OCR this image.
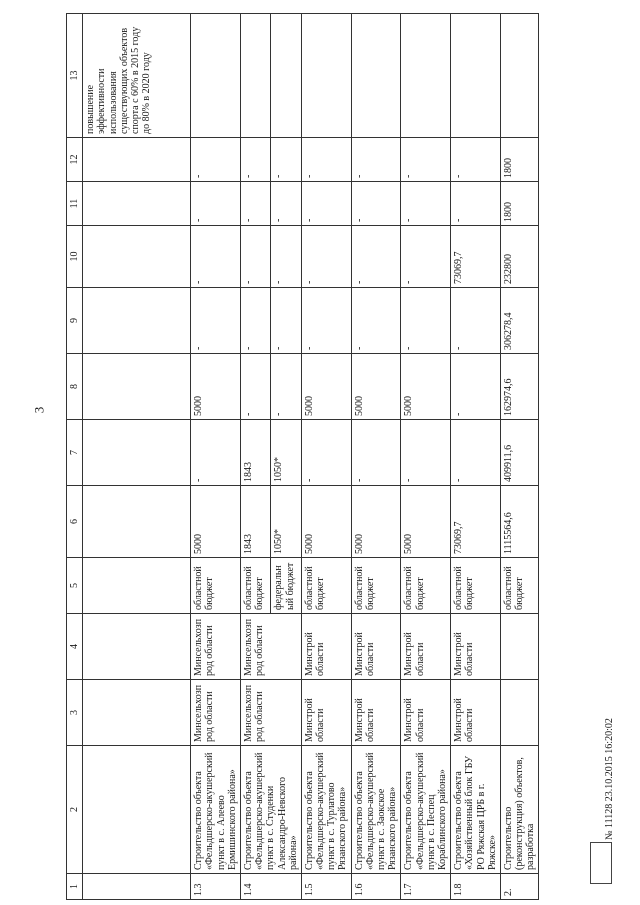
3
№ 11128 23.10.2015 16:20:02
1	2	3	4	5	6	7	8	9	10	11	12	13
												повышение эффективности использования существующих объектов спорта с 60% в 2015 году до 80% в 2020 году
1.3	Строительство объекта «Фельдшерско-акушерский пункт в с. Алеево Ермишинского района»	Минсельхозпрод области	Минсельхозпрод области	областной бюджет	5000	-	5000	-	-	-	-	
1.4	Строительство объекта «Фельдшерско-акушерский пункт в с. Студенки Александро-Невского района»	Минсельхозпрод области	Минсельхозпрод области	областной бюджет	1843	1843	-	-	-	-	-	
				федеральный бюджет	1050*	1050*	-	-	-	-	-	
1.5	Строительство объекта «Фельдшерско-акушерский пункт в с. Турлатово Рязанского района»	Минстрой области	Минстрой области	областной бюджет	5000	-	5000	-	-	-	-	
1.6	Строительство объекта «Фельдшерско-акушерский пункт в с. Заокское Рязанского района»	Минстрой области	Минстрой области	областной бюджет	5000	-	5000	-	-	-	-	
1.7	Строительство объекта «Фельдшерско-акушерский пункт в с. Песпец Кораблинского района»	Минстрой области	Минстрой области	областной бюджет	5000	-	5000	-	-	-	-	
1.8	Строительство объекта «Хозяйственный блок ГБУ РО Ряжская ЦРБ в г. Ряжске»	Минстрой области	Минстрой области	областной бюджет	73069,7	-	-	-	73069,7	-	-	
2.	Строительство (реконструкция) объектов, разработка			областной бюджет	1115564,6	409911,6	162974,6	306278,4	232800	1800	1800	
